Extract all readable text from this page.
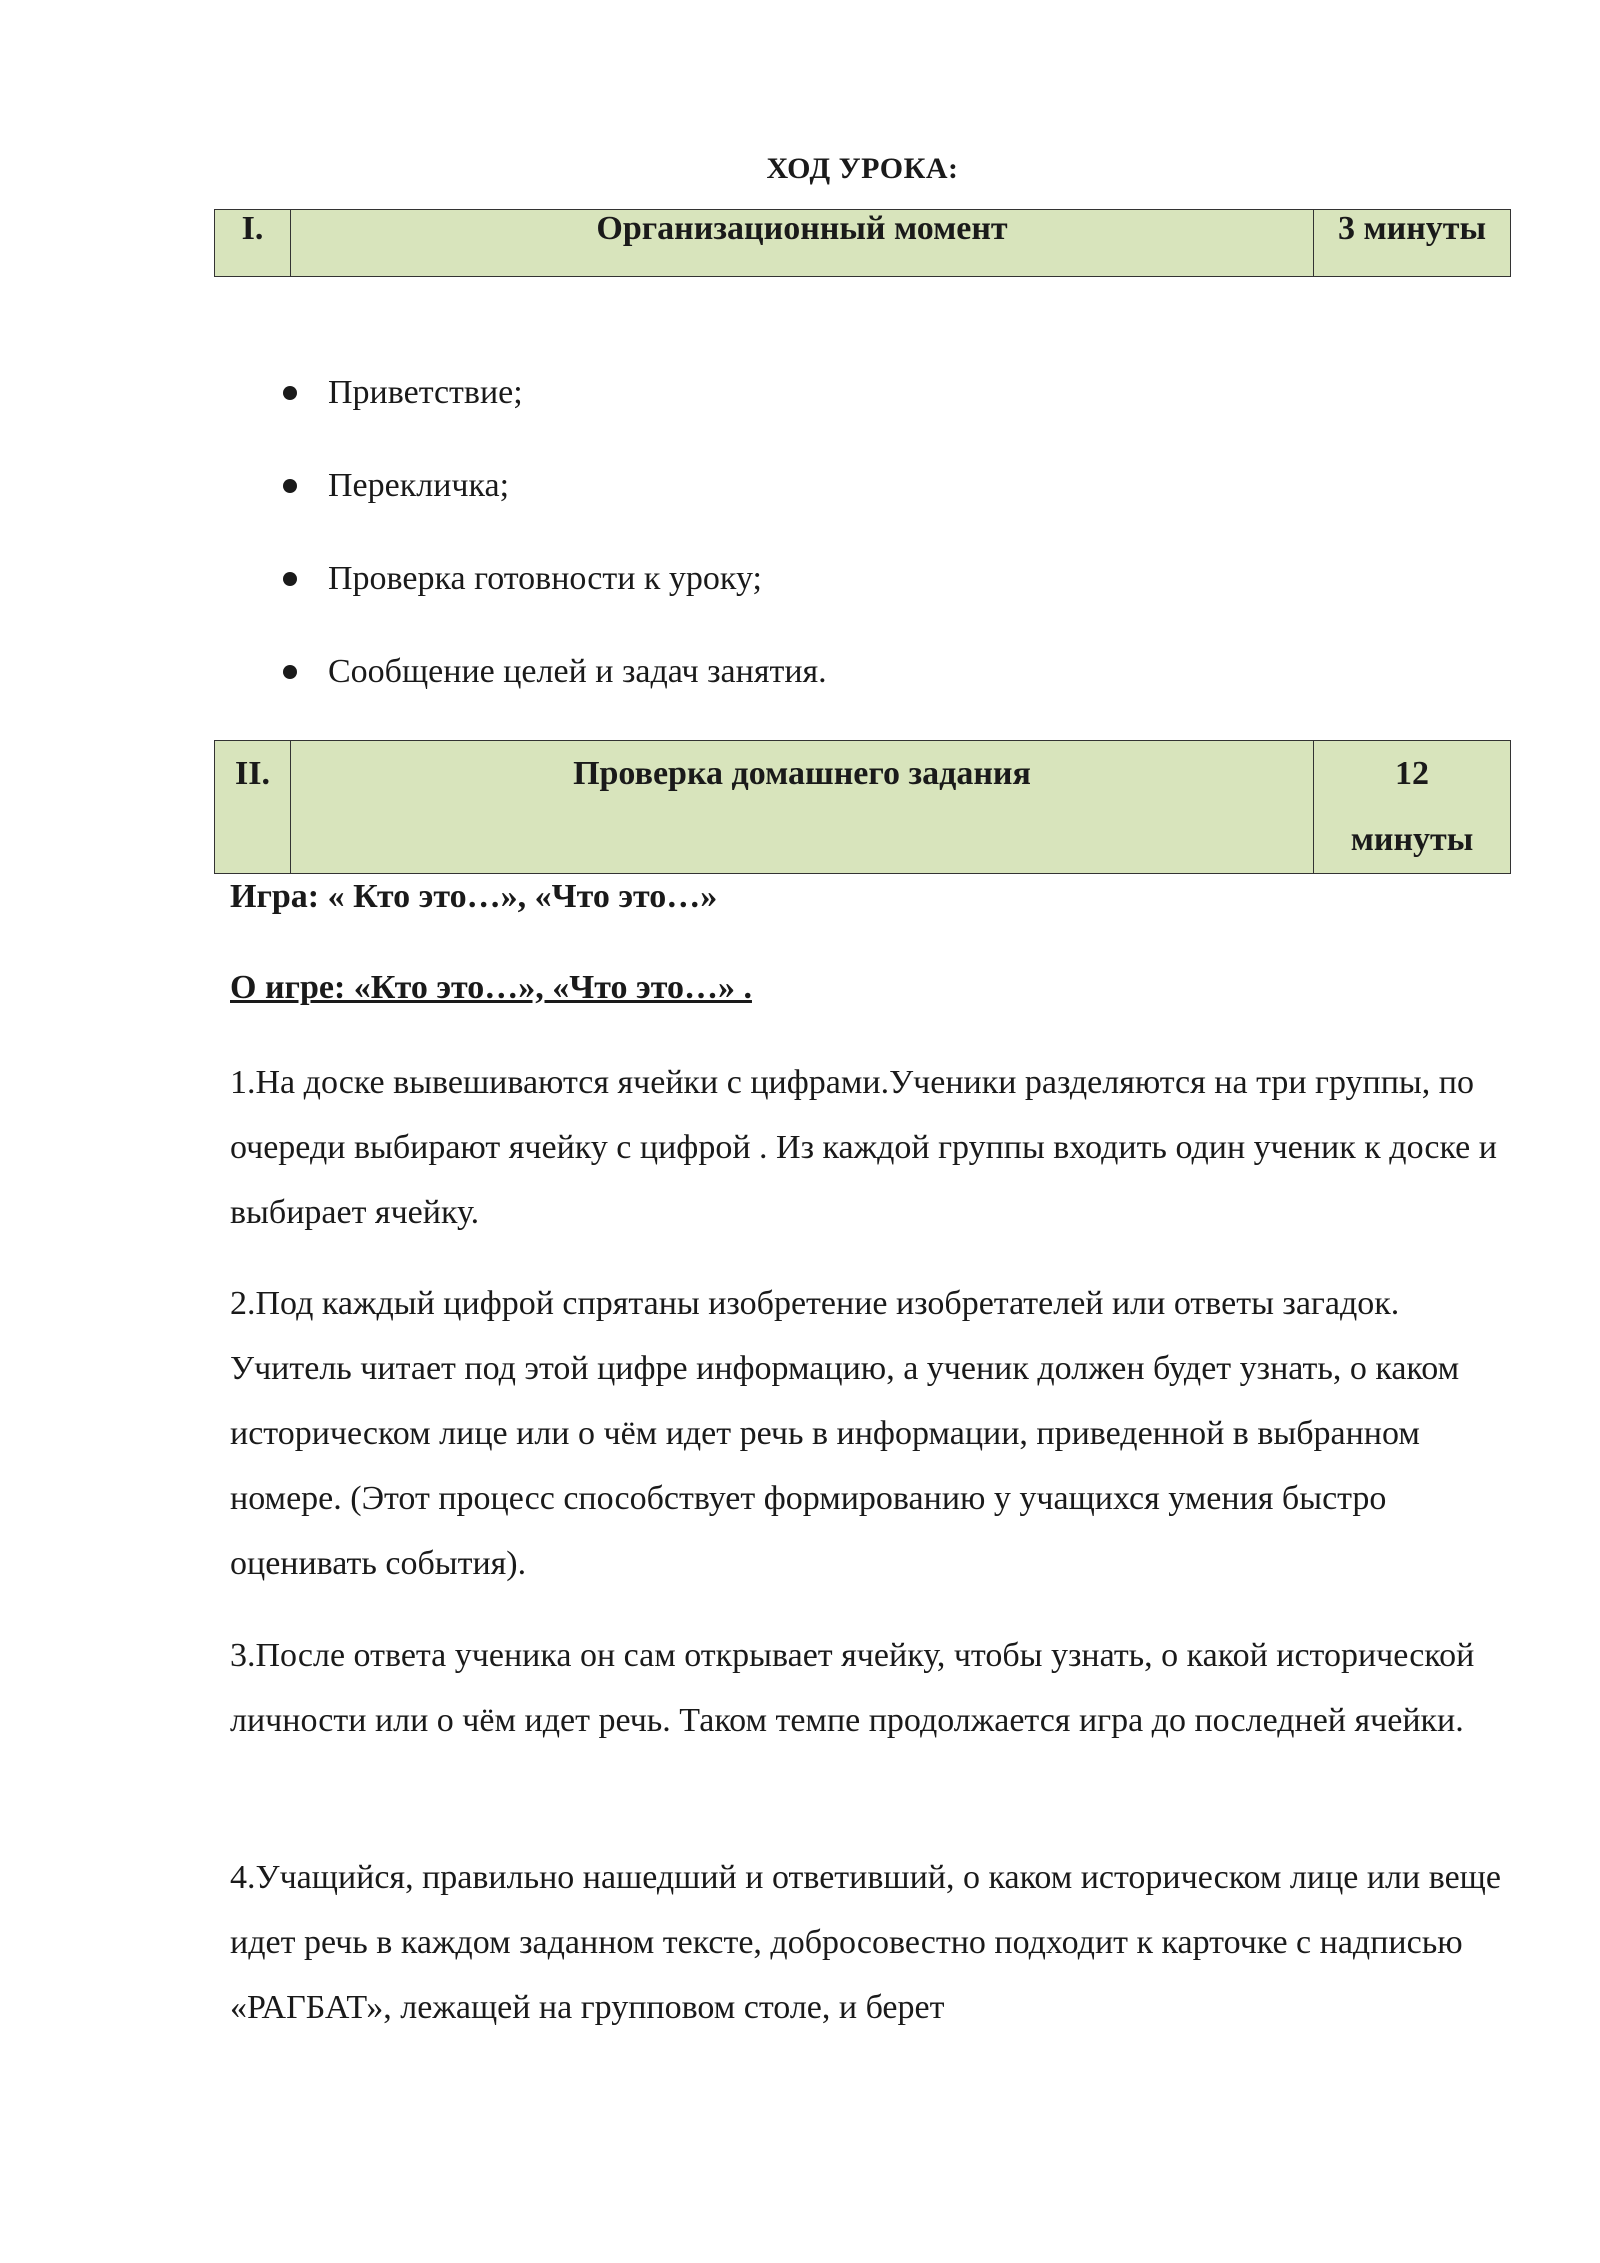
ХОД УРОКА:
I.	Организационный момент	3 минуты
Приветствие;
Перекличка;
Проверка готовности к уроку;
Сообщение целей и задач занятия.
II.	Проверка домашнего задания	12
минуты
Игра: « Кто это…», «Что это…»
О игре: «Кто это…», «Что это…» .
1.На доске вывешиваются ячейки с цифрами.Ученики разделяются на три группы, по очереди выбирают ячейку с цифрой . Из каждой группы входить один ученик к доске и выбирает ячейку.
2.Под каждый цифрой спрятаны изобретение изобретателей или ответы загадок. Учитель читает под этой цифре информацию, а ученик должен будет узнать, о каком историческом лице или о чём идет речь в информации, приведенной в выбранном номере. (Этот процесс способствует формированию у учащихся умения быстро оценивать события).
3.После ответа ученика он сам открывает ячейку, чтобы узнать, о какой исторической личности или о чём идет речь. Таком темпе продолжается игра до последней ячейки.
4.Учащийся, правильно нашедший и ответивший, о каком историческом лице или веще идет речь в каждом заданном тексте, добросовестно подходит к карточке с надписью «РАГБАТ», лежащей на групповом столе, и берет
